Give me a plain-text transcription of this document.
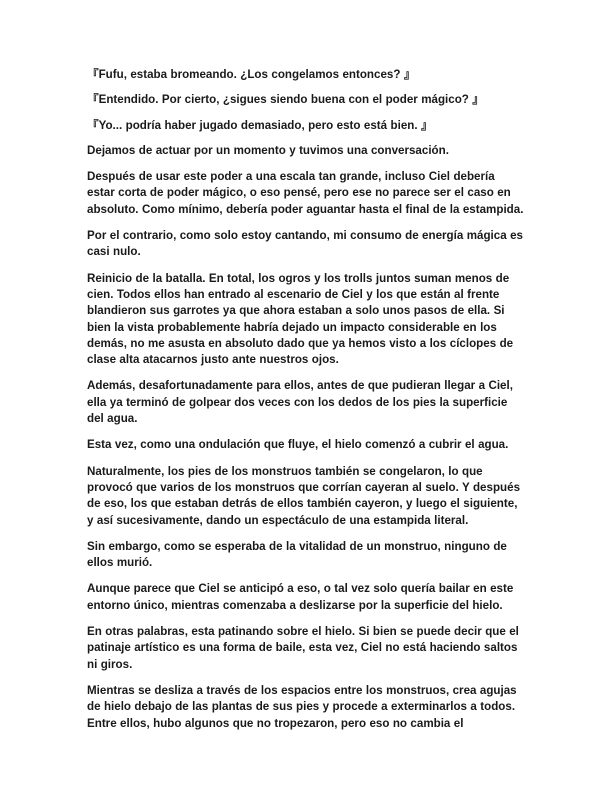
『Fufu, estaba bromeando. ¿Los congelamos entonces? 』

『Entendido. Por cierto, ¿sigues siendo buena con el poder mágico? 』

『Yo... podría haber jugado demasiado, pero esto está bien. 』

Dejamos de actuar por un momento y tuvimos una conversación.

Después de usar este poder a una escala tan grande, incluso Ciel debería estar corta de poder mágico, o eso pensé, pero ese no parece ser el caso en absoluto. Como mínimo, debería poder aguantar hasta el final de la estampida.

Por el contrario, como solo estoy cantando, mi consumo de energía mágica es casi nulo.

Reinicio de la batalla. En total, los ogros y los trolls juntos suman menos de cien. Todos ellos han entrado al escenario de Ciel y los que están al frente blandieron sus garrotes ya que ahora estaban a solo unos pasos de ella. Si bien la vista probablemente habría dejado un impacto considerable en los demás, no me asusta en absoluto dado que ya hemos visto a los cíclopes de clase alta atacarnos justo ante nuestros ojos.

Además, desafortunadamente para ellos, antes de que pudieran llegar a Ciel, ella ya terminó de golpear dos veces con los dedos de los pies la superficie del agua.

Esta vez, como una ondulación que fluye, el hielo comenzó a cubrir el agua.

Naturalmente, los pies de los monstruos también se congelaron, lo que provocó que varios de los monstruos que corrían cayeran al suelo. Y después de eso, los que estaban detrás de ellos también cayeron, y luego el siguiente, y así sucesivamente, dando un espectáculo de una estampida literal.

Sin embargo, como se esperaba de la vitalidad de un monstruo, ninguno de ellos murió.

Aunque parece que Ciel se anticipó a eso, o tal vez solo quería bailar en este entorno único, mientras comenzaba a deslizarse por la superficie del hielo.

En otras palabras, esta patinando sobre el hielo. Si bien se puede decir que el patinaje artístico es una forma de baile, esta vez, Ciel no está haciendo saltos ni giros.

Mientras se desliza a través de los espacios entre los monstruos, crea agujas de hielo debajo de las plantas de sus pies y procede a exterminarlos a todos. Entre ellos, hubo algunos que no tropezaron, pero eso no cambia el
